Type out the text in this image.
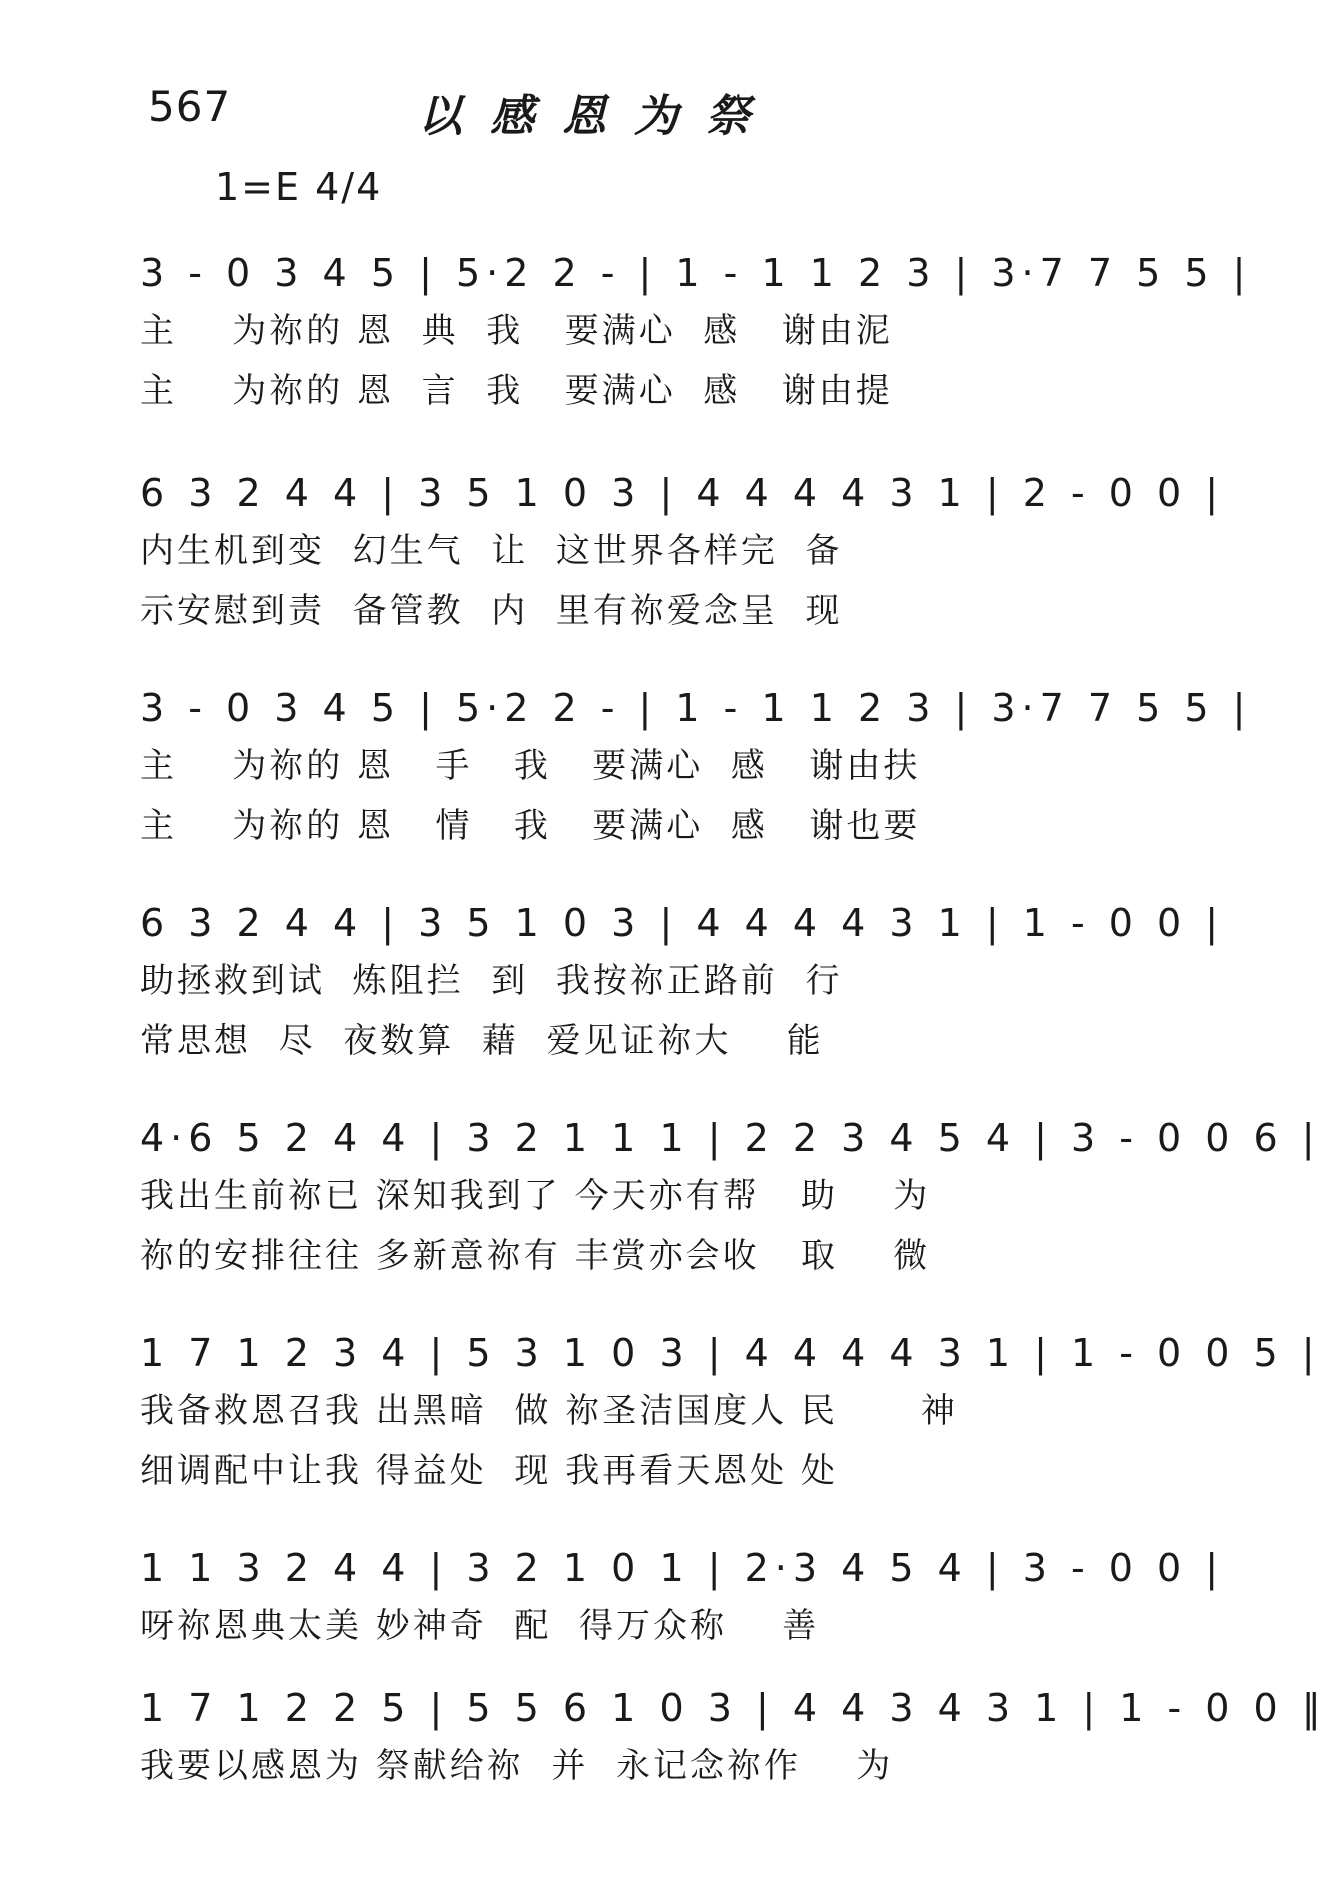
567	以感恩为祭
1=E 4/4
3 - 0 3 4 5 | 5·2 2 - | 1 - 1 1 2 3 | 3·7 7 5 5 |
主    为祢的 恩  典  我   要满心  感   谢由泥
主    为祢的 恩  言  我   要满心  感   谢由提
6 3 2 4 4 | 3 5 1 0 3 | 4 4 4 4 3 1 | 2 - 0 0 |
内生机到变  幻生气  让  这世界各样完  备
示安慰到责  备管教  内  里有祢爱念呈  现
3 - 0 3 4 5 | 5·2 2 - | 1 - 1 1 2 3 | 3·7 7 5 5 |
主    为祢的 恩   手   我   要满心  感   谢由扶
主    为祢的 恩   情   我   要满心  感   谢也要
6 3 2 4 4 | 3 5 1 0 3 | 4 4 4 4 3 1 | 1 - 0 0 |
助拯救到试  炼阻拦  到  我按祢正路前  行
常思想  尽  夜数算  藉  爱见证祢大    能
4·6 5 2 4 4 | 3 2 1 1 1 | 2 2 3 4 5 4 | 3 - 0 0 6 |
我出生前祢已 深知我到了 今天亦有帮   助    为
祢的安排往往 多新意祢有 丰赏亦会收   取    微
1 7 1 2 3 4 | 5 3 1 0 3 | 4 4 4 4 3 1 | 1 - 0 0 5 |
我备救恩召我 出黑暗  做 祢圣洁国度人 民      神
细调配中让我 得益处  现 我再看天恩处 处
1 1 3 2 4 4 | 3 2 1 0 1 | 2·3 4 5 4 | 3 - 0 0 |
呀祢恩典太美 妙神奇  配  得万众称    善
1 7 1 2 2 5 | 5 5 6 1 0 3 | 4 4 3 4 3 1 | 1 - 0 0 ‖
我要以感恩为 祭献给祢  并  永记念祢作    为
